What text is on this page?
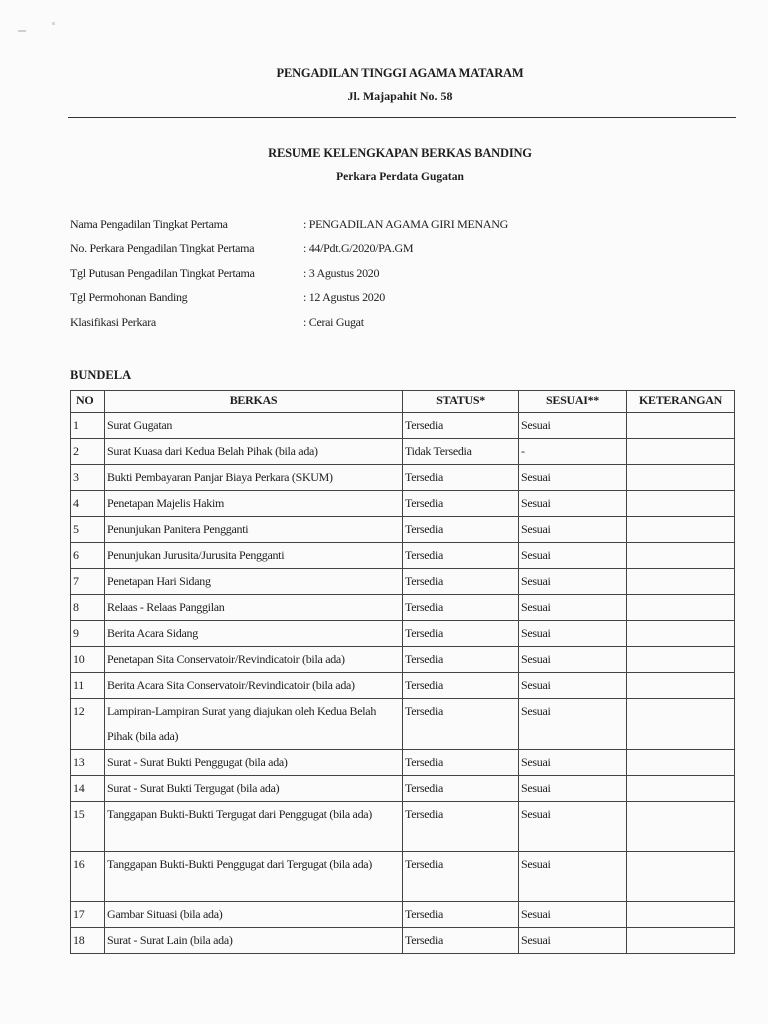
PENGADILAN TINGGI AGAMA MATARAM
Jl. Majapahit No. 58
RESUME KELENGKAPAN BERKAS BANDING
Perkara Perdata Gugatan
Nama Pengadilan Tingkat Pertama	: PENGADILAN AGAMA GIRI MENANG
No. Perkara Pengadilan Tingkat Pertama	: 44/Pdt.G/2020/PA.GM
Tgl Putusan Pengadilan Tingkat Pertama	: 3 Agustus 2020
Tgl Permohonan Banding	: 12 Agustus 2020
Klasifikasi Perkara	: Cerai Gugat
BUNDELA
NO	BERKAS	STATUS*	SESUAI**	KETERANGAN
1	Surat Gugatan	Tersedia	Sesuai	
2	Surat Kuasa dari Kedua Belah Pihak (bila ada)	Tidak Tersedia	-	
3	Bukti Pembayaran Panjar Biaya Perkara (SKUM)	Tersedia	Sesuai	
4	Penetapan Majelis Hakim	Tersedia	Sesuai	
5	Penunjukan Panitera Pengganti	Tersedia	Sesuai	
6	Penunjukan Jurusita/Jurusita Pengganti	Tersedia	Sesuai	
7	Penetapan Hari Sidang	Tersedia	Sesuai	
8	Relaas - Relaas Panggilan	Tersedia	Sesuai	
9	Berita Acara Sidang	Tersedia	Sesuai	
10	Penetapan Sita Conservatoir/Revindicatoir (bila ada)	Tersedia	Sesuai	
11	Berita Acara Sita Conservatoir/Revindicatoir (bila ada)	Tersedia	Sesuai	
12	Lampiran-Lampiran Surat yang diajukan oleh Kedua Belah Pihak (bila ada)	Tersedia	Sesuai	
13	Surat - Surat Bukti Penggugat (bila ada)	Tersedia	Sesuai	
14	Surat - Surat Bukti Tergugat (bila ada)	Tersedia	Sesuai	
15	Tanggapan Bukti-Bukti Tergugat dari Penggugat (bila ada)	Tersedia	Sesuai	
16	Tanggapan Bukti-Bukti Penggugat dari Tergugat (bila ada)	Tersedia	Sesuai	
17	Gambar Situasi (bila ada)	Tersedia	Sesuai	
18	Surat - Surat Lain (bila ada)	Tersedia	Sesuai	
